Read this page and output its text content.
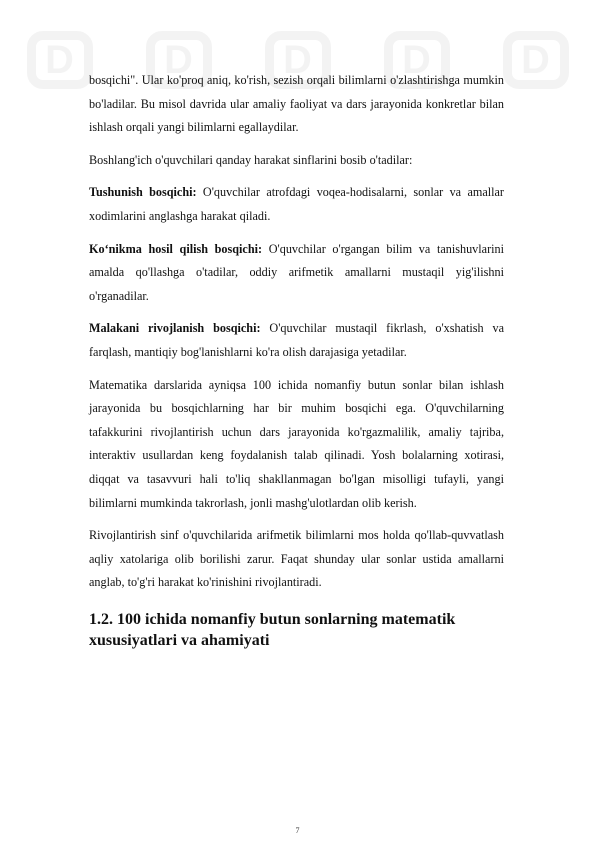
bosqichi". Ular ko'proq aniq, ko'rish, sezish orqali bilimlarni o'zlashtirishga mumkin bo'ladilar. Bu misol davrida ular amaliy faoliyat va dars jarayonida konkretlar bilan ishlash orqali yangi bilimlarni egallaydilar.

Boshlang'ich o'quvchilari qanday harakat sinflarini bosib o'tadilar:

Tushunish bosqichi: O'quvchilar atrofdagi voqea-hodisalarni, sonlar va amallar xodimlarini anglashga harakat qiladi.

Koʻnikma hosil qilish bosqichi: O'quvchilar o'rgangan bilim va tanishuvlarini amalda qo'llashga o'tadilar, oddiy arifmetik amallarni mustaqil yig'ilishni o'rganadilar.

Malakani rivojlanish bosqichi: O'quvchilar mustaqil fikrlash, o'xshatish va farqlash, mantiqiy bog'lanishlarni ko'ra olish darajasiga yetadilar.

Matematika darslarida ayniqsa 100 ichida nomanfiy butun sonlar bilan ishlash jarayonida bu bosqichlarning har bir muhim bosqichi ega. O'quvchilarning tafakkurini rivojlantirish uchun dars jarayonida ko'rgazmalilik, amaliy tajriba, interaktiv usullardan keng foydalanish talab qilinadi. Yosh bolalarning xotirasi, diqqat va tasavvuri hali to'liq shakllanmagan bo'lgan misolligi tufayli, yangi bilimlarni mumkinda takrorlash, jonli mashg'ulotlardan olib kerish.

Rivojlantirish sinf o'quvchilarida arifmetik bilimlarni mos holda qo'llab-quvvatlash aqliy xatolariga olib borilishi zarur. Faqat shunday ular sonlar ustida amallarni anglab, to'g'ri harakat ko'rinishini rivojlantiradi.

1.2. 100 ichida nomanfiy butun sonlarning matematik xususiyatlari va ahamiyati
7
